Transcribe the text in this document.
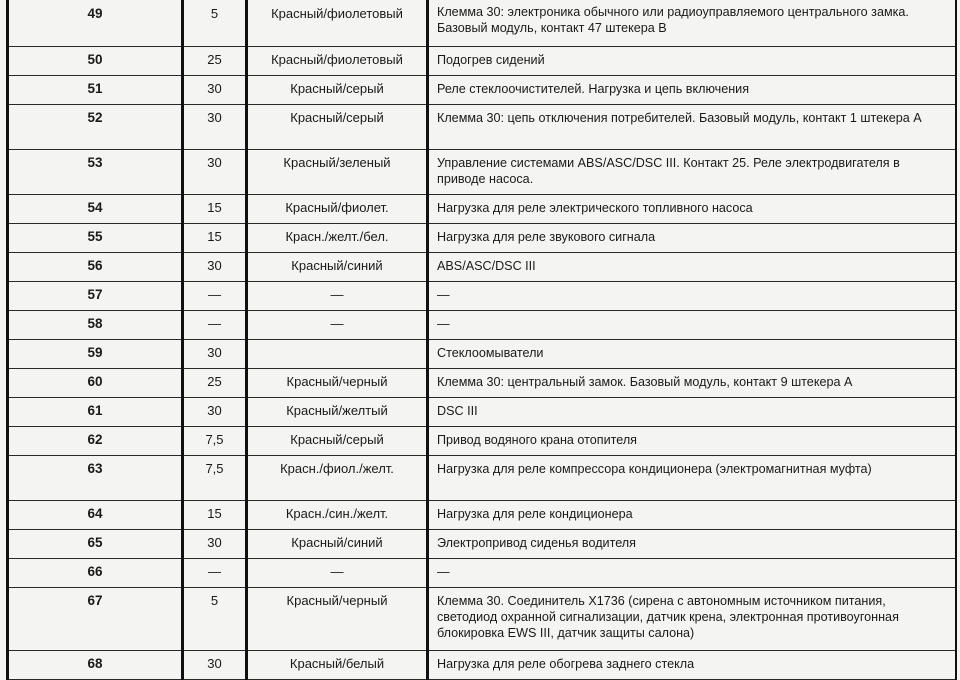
49	5	Красный/фиолетовый	Клемма 30: электроника обычного или радиоуправляемого центрального замка. Базовый модуль, контакт 47 штекера B
50	25	Красный/фиолетовый	Подогрев сидений
51	30	Красный/серый	Реле стеклоочистителей. Нагрузка и цепь включения
52	30	Красный/серый	Клемма 30: цепь отключения потребителей. Базовый модуль, контакт 1 штекера A
53	30	Красный/зеленый	Управление системами ABS/ASC/DSC III. Контакт 25. Реле электродвигателя в приводе насоса.
54	15	Красный/фиолет.	Нагрузка для реле электрического топливного насоса
55	15	Красн./желт./бел.	Нагрузка для реле звукового сигнала
56	30	Красный/синий	ABS/ASC/DSC III
57	—	—	—
58	—	—	—
59	30		Стеклоомыватели
60	25	Красный/черный	Клемма 30: центральный замок. Базовый модуль, контакт 9 штекера A
61	30	Красный/желтый	DSC III
62	7,5	Красный/серый	Привод водяного крана отопителя
63	7,5	Красн./фиол./желт.	Нагрузка для реле компрессора кондиционера (электромагнитная муфта)
64	15	Красн./син./желт.	Нагрузка для реле кондиционера
65	30	Красный/синий	Электропривод сиденья водителя
66	—	—	—
67	5	Красный/черный	Клемма 30. Соединитель X1736 (сирена с автономным источником питания, светодиод охранной сигнализации, датчик крена, электронная противоугонная блокировка EWS III, датчик защиты салона)
68	30	Красный/белый	Нагрузка для реле обогрева заднего стекла
